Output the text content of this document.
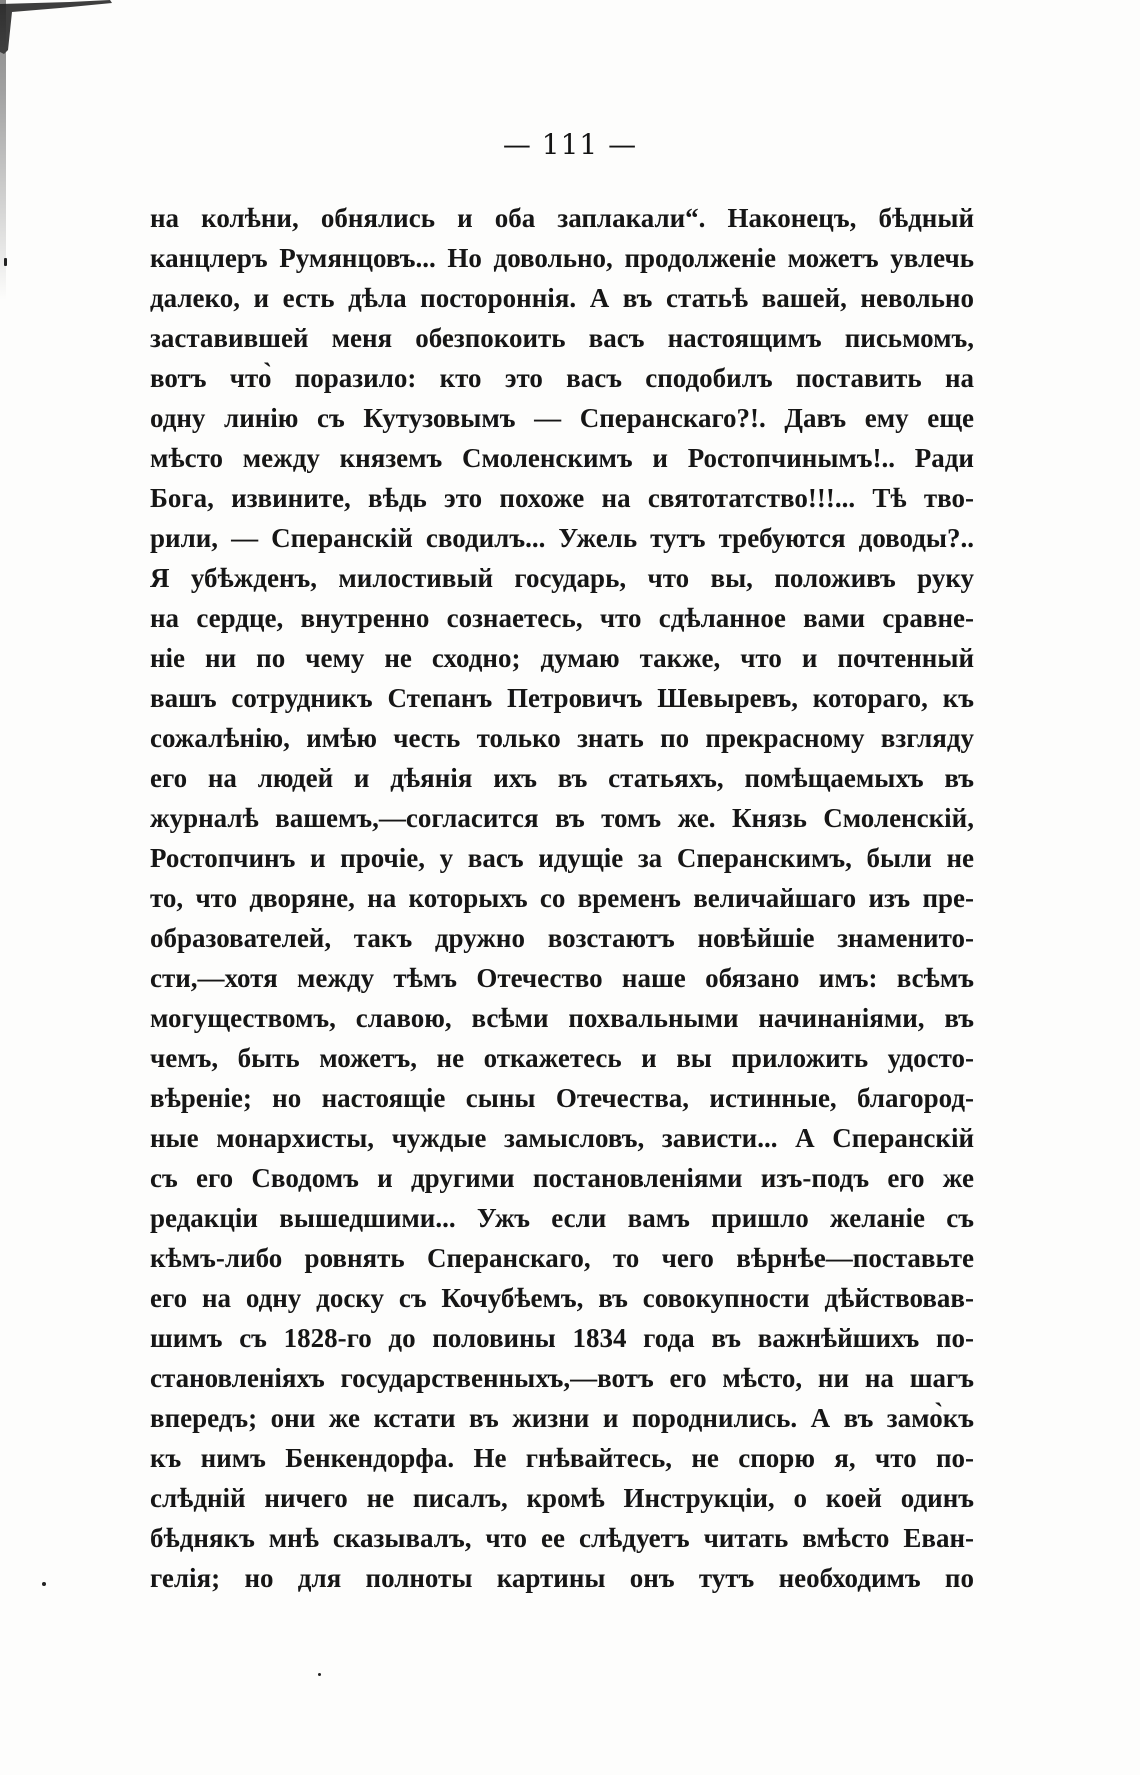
— 111 —
на колѣни, обнялись и оба заплакали“. Наконецъ, бѣдный
канцлеръ Румянцовъ... Но довольно, продолженіе можетъ увлечь
далеко, и есть дѣла постороннія. А въ статьѣ вашей, невольно
заставившей меня обезпокоить васъ настоящимъ письмомъ,
вотъ что̀ поразило: кто это васъ сподобилъ поставить на
одну линію съ Кутузовымъ — Сперанскаго?!. Давъ ему еще
мѣсто между княземъ Смоленскимъ и Ростопчинымъ!.. Ради
Бога, извините, вѣдь это похоже на святотатство!!!... Тѣ тво-
рили, — Сперанскій сводилъ... Ужель тутъ требуются доводы?..
Я убѣжденъ, милостивый государь, что вы, положивъ руку
на сердце, внутренно сознаетесь, что сдѣланное вами сравне-
ніе ни по чему не сходно; думаю также, что и почтенный
вашъ сотрудникъ Степанъ Петровичъ Шевыревъ, котораго, къ
сожалѣнію, имѣю честь только знать по прекрасному взгляду
его на людей и дѣянія ихъ въ статьяхъ, помѣщаемыхъ въ
журналѣ вашемъ,—согласится въ томъ же. Князь Смоленскій,
Ростопчинъ и прочіе, у васъ идущіе за Сперанскимъ, были не
то, что дворяне, на которыхъ со временъ величайшаго изъ пре-
образователей, такъ дружно возстаютъ новѣйшіе знаменито-
сти,—хотя между тѣмъ Отечество наше обязано имъ: всѣмъ
могуществомъ, славою, всѣми похвальными начинаніями, въ
чемъ, быть можетъ, не откажетесь и вы приложить удосто-
вѣреніе; но настоящіе сыны Отечества, истинные, благород-
ные монархисты, чуждые замысловъ, зависти... А Сперанскій
съ его Сводомъ и другими постановленіями изъ-подъ его же
редакціи вышедшими... Ужъ если вамъ пришло желаніе съ
кѣмъ-либо ровнять Сперанскаго, то чего вѣрнѣе—поставьте
его на одну доску съ Кочубѣемъ, въ совокупности дѣйствовав-
шимъ съ 1828-го до половины 1834 года въ важнѣйшихъ по-
становленіяхъ государственныхъ,—вотъ его мѣсто, ни на шагъ
впередъ; они же кстати въ жизни и породнились. А въ замо̀къ
къ нимъ Бенкендорфа. Не гнѣвайтесь, не спорю я, что по-
слѣдній ничего не писалъ, кромѣ Инструкціи, о коей одинъ
бѣднякъ мнѣ сказывалъ, что ее слѣдуетъ читать вмѣсто Еван-
гелія; но для полноты картины онъ тутъ необходимъ по
